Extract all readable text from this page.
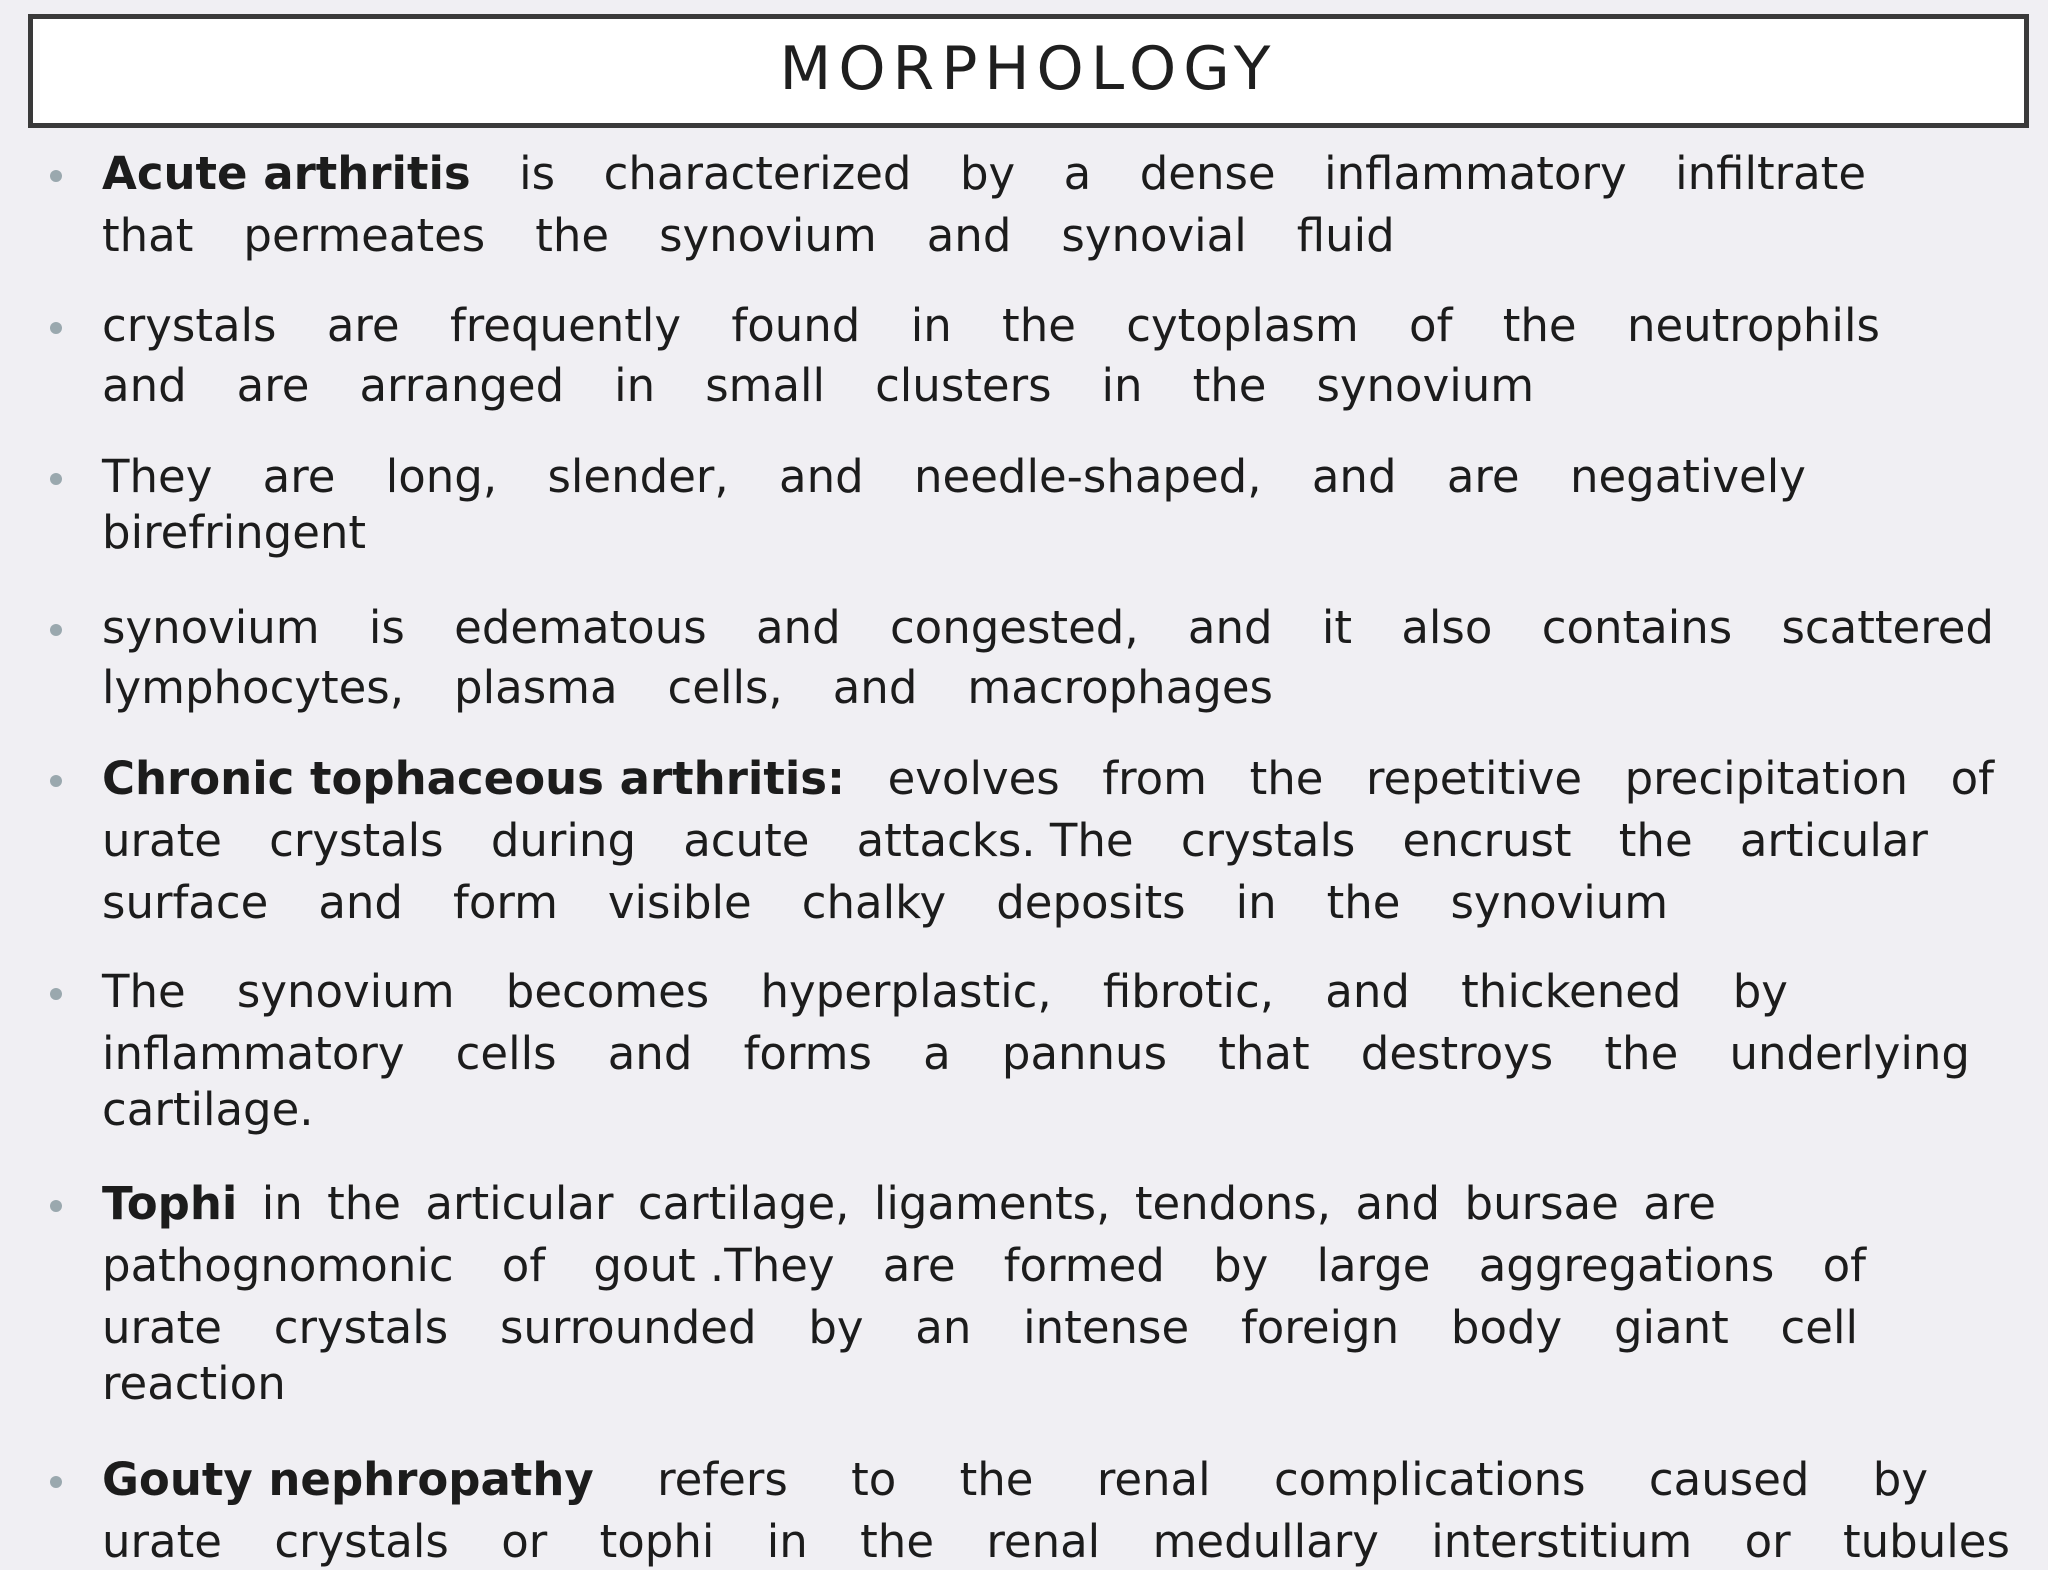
MORPHOLOGY
Acute arthritis is characterized by a dense inflammatory infiltrate
that permeates the synovium and synovial fluid
crystals are frequently found in the cytoplasm of the neutrophils
and are arranged in small clusters in the synovium
They are long, slender, and needle-shaped, and are negatively
birefringent
synovium is edematous and congested, and it also contains scattered
lymphocytes, plasma cells, and macrophages
Chronic tophaceous arthritis: evolves from the repetitive precipitation of
urate crystals during acute attacks. The crystals encrust the articular
surface and form visible chalky deposits in the synovium
The synovium becomes hyperplastic, fibrotic, and thickened by
inflammatory cells and forms a pannus that destroys the underlying
cartilage.
Tophi in the articular cartilage, ligaments, tendons, and bursae are
pathognomonic of gout .They are formed by large aggregations of
urate crystals surrounded by an intense foreign body giant cell
reaction
Gouty nephropathy refers to the renal complications caused by
urate crystals or tophi in the renal medullary interstitium or tubules
